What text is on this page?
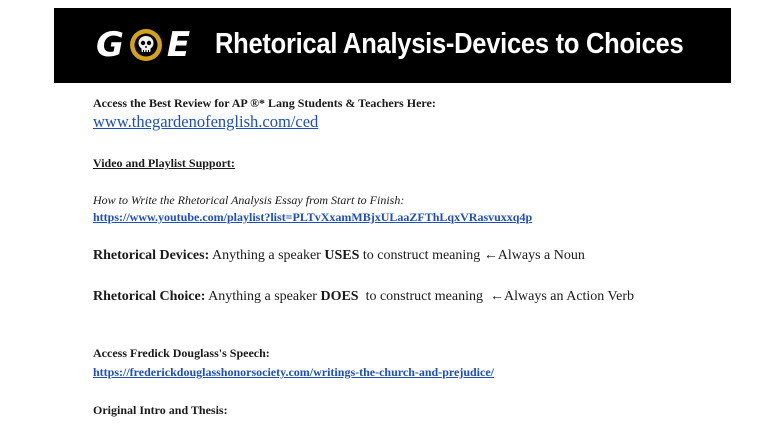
G E Rhetorical Analysis-Devices to Choices
Access the Best Review for AP ®* Lang Students & Teachers Here:
www.thegardenofenglish.com/ced
Video and Playlist Support:
How to Write the Rhetorical Analysis Essay from Start to Finish:
https://www.youtube.com/playlist?list=PLTvXxamMBjxULaaZFThLqxVRasvuxxq4p
Rhetorical Devices: Anything a speaker USES to construct meaning ←Always a Noun
Rhetorical Choice: Anything a speaker DOES  to construct meaning  ←Always an Action Verb
Access Fredick Douglass's Speech:
https://frederickdouglasshonorsociety.com/writings-the-church-and-prejudice/
Original Intro and Thesis:
